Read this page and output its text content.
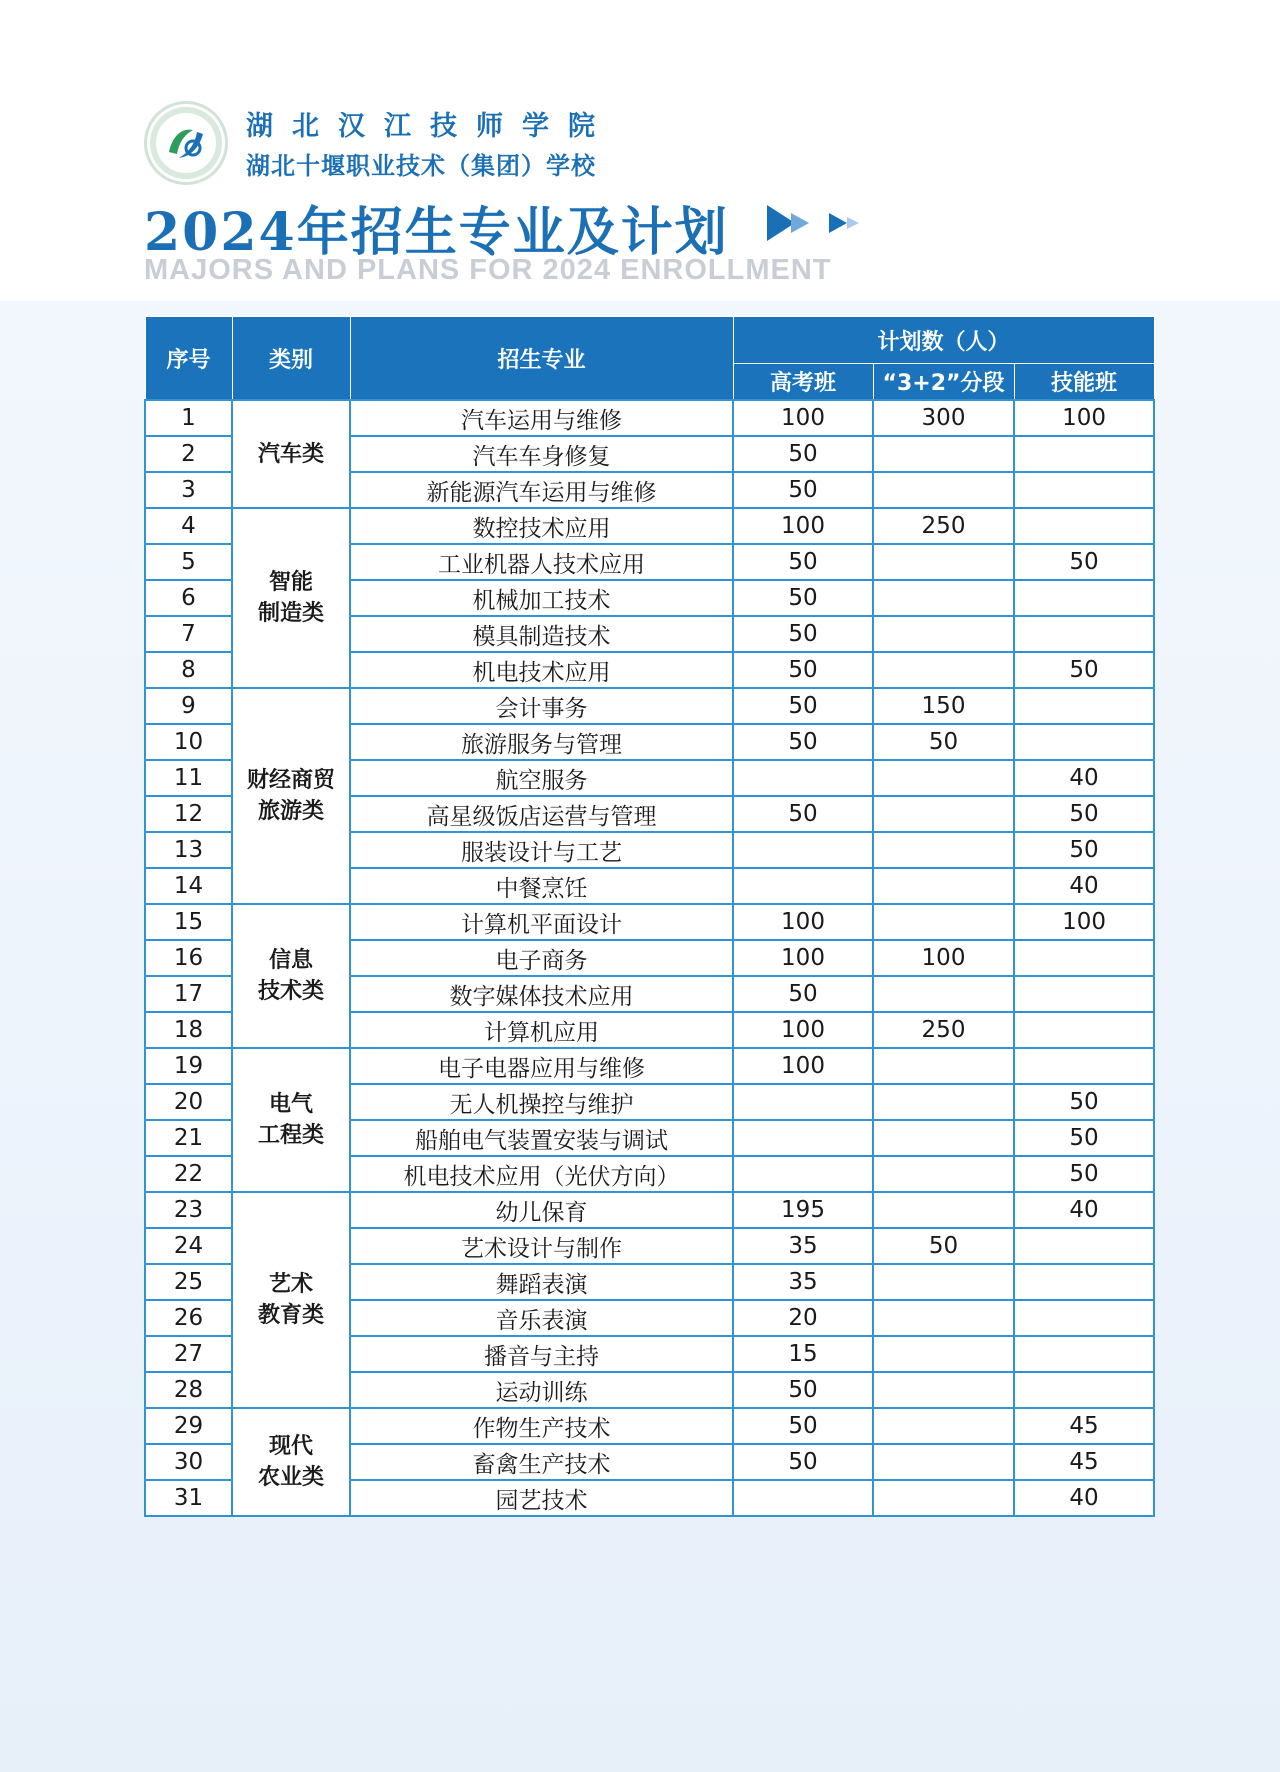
湖北汉江技师学院
湖北十堰职业技术（集团）学校
2024年招生专业及计划
MAJORS AND PLANS FOR 2024 ENROLLMENT
序号	类别	招生专业	计划数（人）		
			高考班	“3+2”分段	技能班
1	汽车类	汽车运用与维修	100	300	100
2		汽车车身修复	50		
3		新能源汽车运用与维修	50		
4	智能
制造类	数控技术应用	100	250	
5		工业机器人技术应用	50		50
6		机械加工技术	50		
7		模具制造技术	50		
8		机电技术应用	50		50
9	财经商贸
旅游类	会计事务	50	150	
10		旅游服务与管理	50	50	
11		航空服务			40
12		高星级饭店运营与管理	50		50
13		服装设计与工艺			50
14		中餐烹饪			40
15	信息
技术类	计算机平面设计	100		100
16		电子商务	100	100	
17		数字媒体技术应用	50		
18		计算机应用	100	250	
19	电气
工程类	电子电器应用与维修	100		
20		无人机操控与维护			50
21		船舶电气装置安装与调试			50
22		机电技术应用（光伏方向）			50
23	艺术
教育类	幼儿保育	195		40
24		艺术设计与制作	35	50	
25		舞蹈表演	35		
26		音乐表演	20		
27		播音与主持	15		
28		运动训练	50		
29	现代
农业类	作物生产技术	50		45
30		畜禽生产技术	50		45
31		园艺技术			40
